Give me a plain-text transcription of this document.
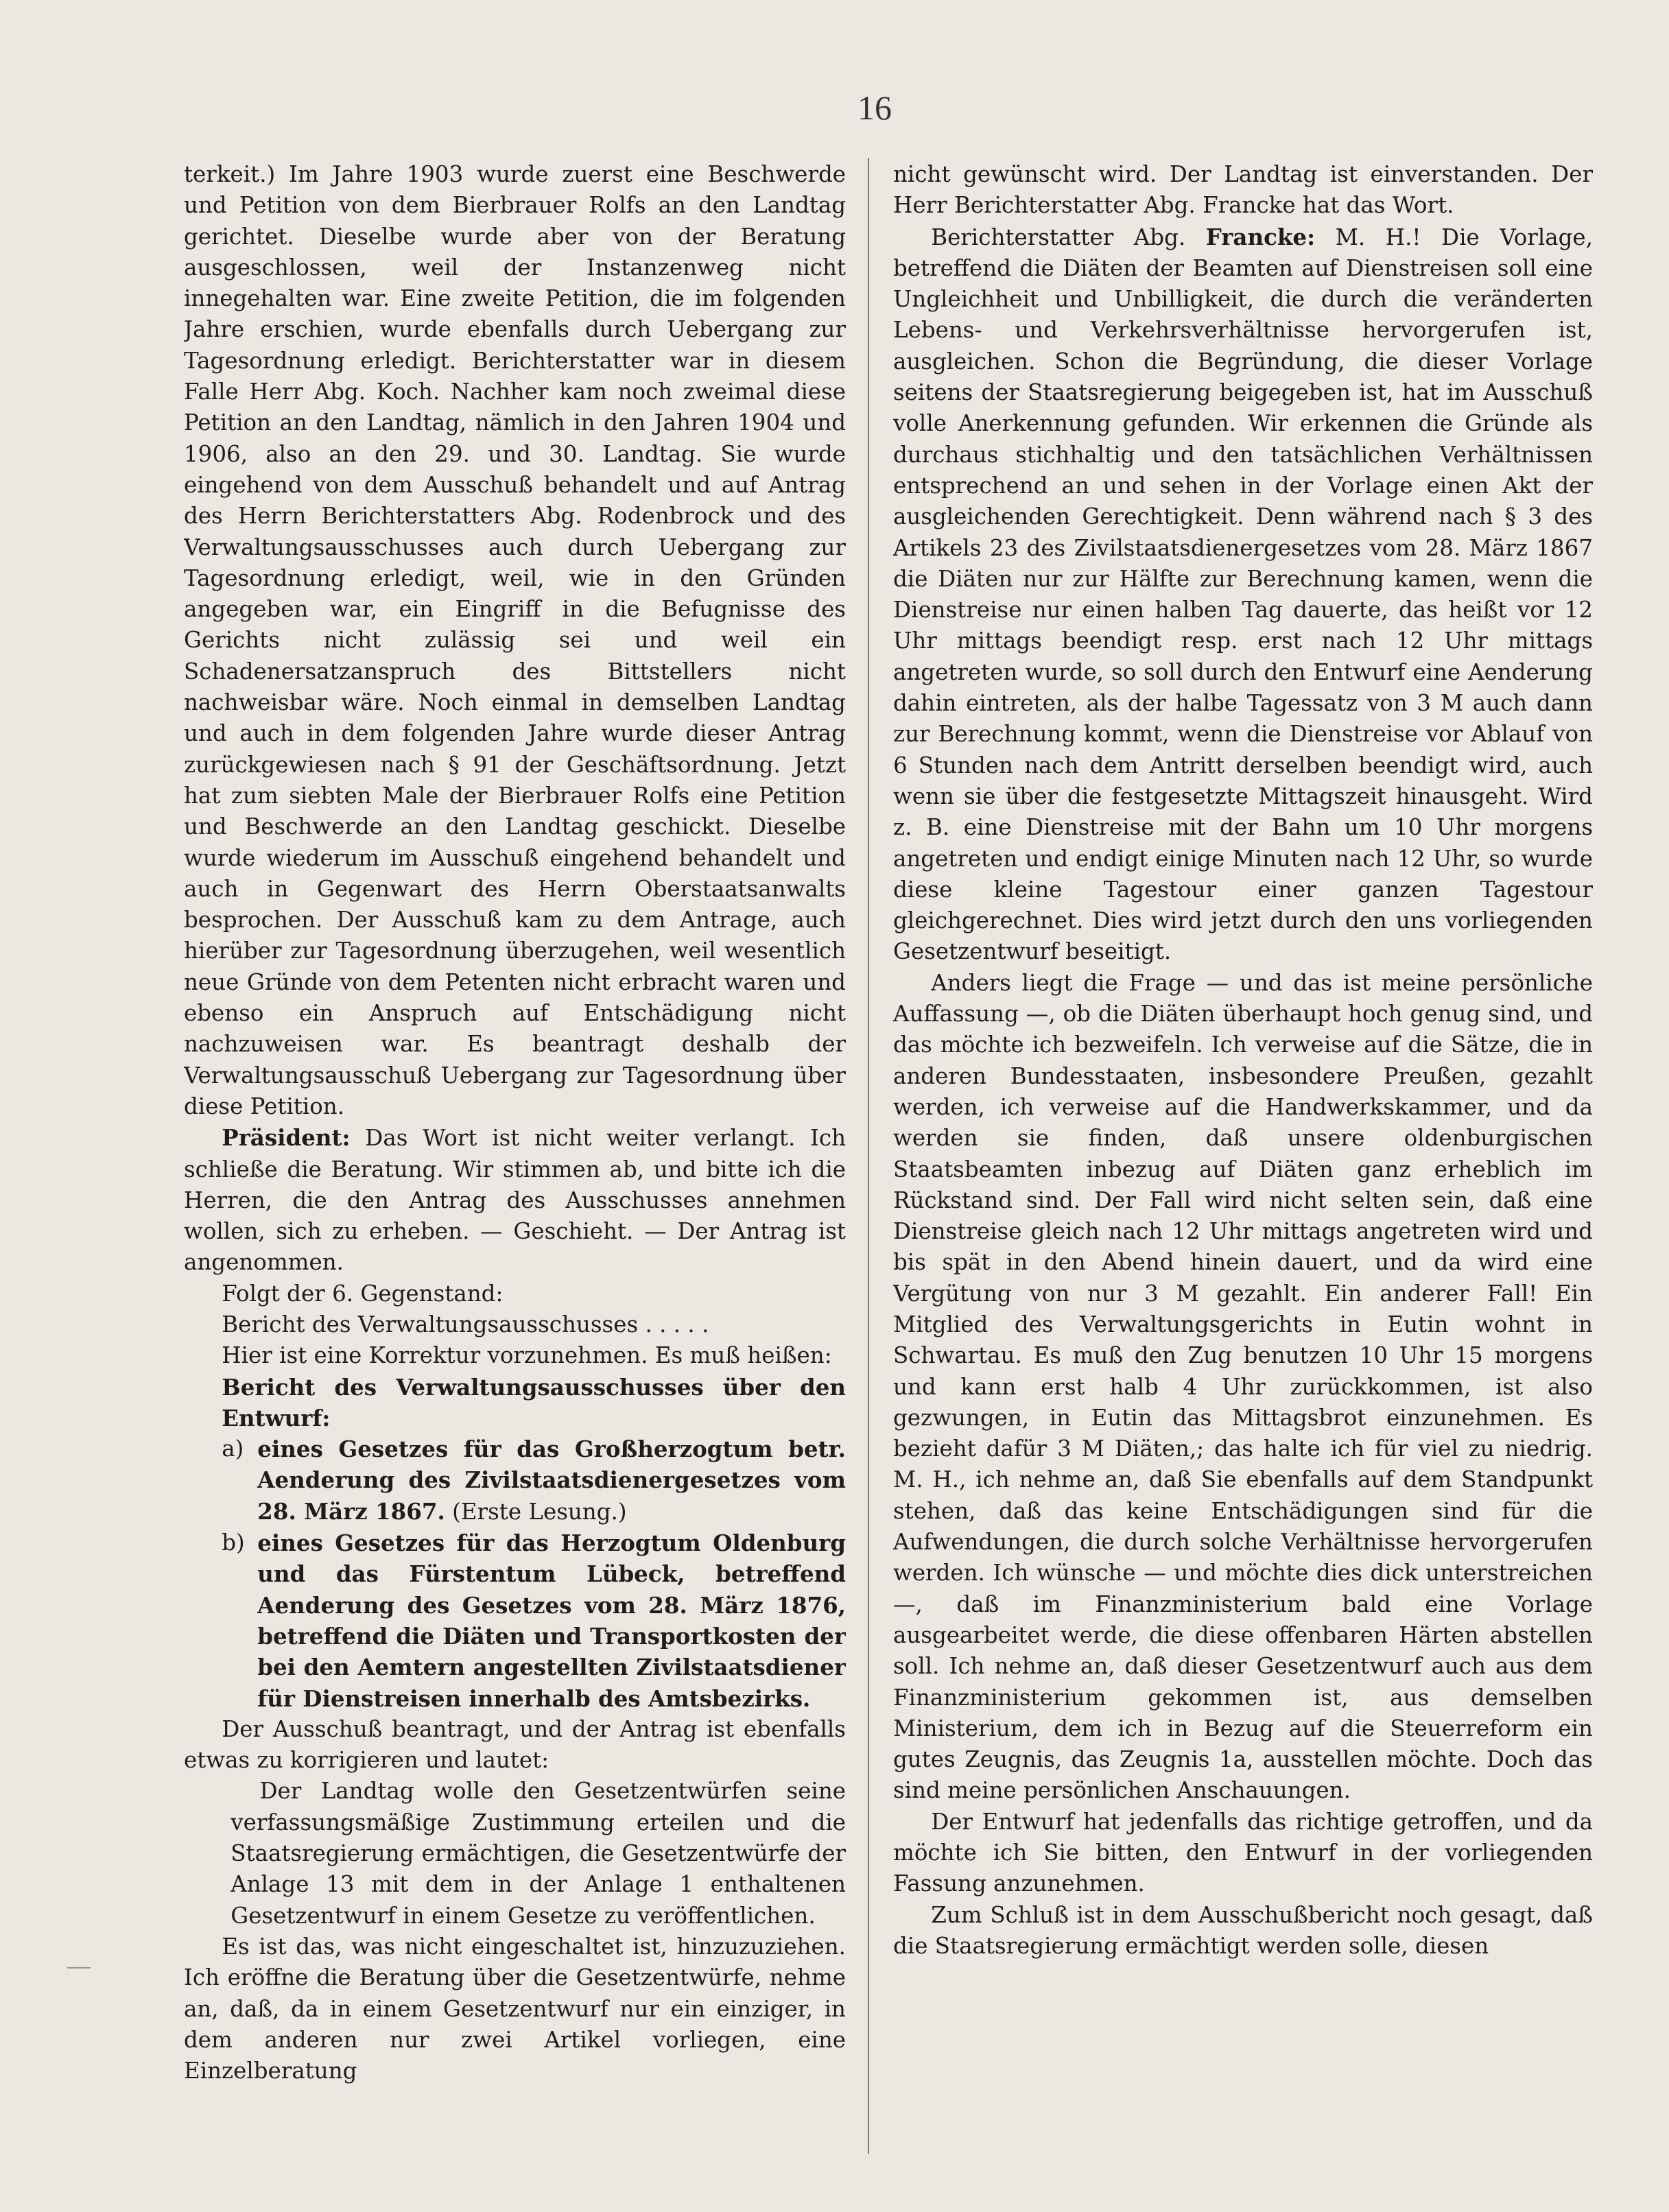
16

terkeit.) Im Jahre 1903 wurde zuerst eine Beschwerde und Petition von dem Bierbrauer Rolfs an den Landtag gerichtet. Dieselbe wurde aber von der Beratung ausgeschlossen, weil der Instanzenweg nicht innegehalten war. Eine zweite Petition, die im folgenden Jahre erschien, wurde ebenfalls durch Uebergang zur Tagesordnung erledigt. Berichterstatter war in diesem Falle Herr Abg. Koch. Nachher kam noch zweimal diese Petition an den Landtag, nämlich in den Jahren 1904 und 1906, also an den 29. und 30. Landtag. Sie wurde eingehend von dem Ausschuß behandelt und auf Antrag des Herrn Berichterstatters Abg. Rodenbrock und des Verwaltungsausschusses auch durch Uebergang zur Tagesordnung erledigt, weil, wie in den Gründen angegeben war, ein Eingriff in die Befugnisse des Gerichts nicht zulässig sei und weil ein Schadenersatzanspruch des Bittstellers nicht nachweisbar wäre. Noch einmal in demselben Landtag und auch in dem folgenden Jahre wurde dieser Antrag zurückgewiesen nach § 91 der Geschäftsordnung. Jetzt hat zum siebten Male der Bierbrauer Rolfs eine Petition und Beschwerde an den Landtag geschickt. Dieselbe wurde wiederum im Ausschuß eingehend behandelt und auch in Gegenwart des Herrn Oberstaatsanwalts besprochen. Der Ausschuß kam zu dem Antrage, auch hierüber zur Tagesordnung überzugehen, weil wesentlich neue Gründe von dem Petenten nicht erbracht waren und ebenso ein Anspruch auf Entschädigung nicht nachzuweisen war. Es beantragt deshalb der Verwaltungsausschuß Uebergang zur Tagesordnung über diese Petition.

Präsident: Das Wort ist nicht weiter verlangt. Ich schließe die Beratung. Wir stimmen ab, und bitte ich die Herren, die den Antrag des Ausschusses annehmen wollen, sich zu erheben. — Geschieht. — Der Antrag ist angenommen.

Folgt der 6. Gegenstand:

Bericht des Verwaltungsausschusses . . . . .

Hier ist eine Korrektur vorzunehmen. Es muß heißen:

Bericht des Verwaltungsausschusses über den Entwurf:

a) eines Gesetzes für das Großherzogtum betr. Aenderung des Zivilstaatsdienergesetzes vom 28. März 1867. (Erste Lesung.)

b) eines Gesetzes für das Herzogtum Oldenburg und das Fürstentum Lübeck, betreffend Aenderung des Gesetzes vom 28. März 1876, betreffend die Diäten und Transportkosten der bei den Aemtern angestellten Zivilstaatsdiener für Dienstreisen innerhalb des Amtsbezirks.

Der Ausschuß beantragt, und der Antrag ist ebenfalls etwas zu korrigieren und lautet:

Der Landtag wolle den Gesetzentwürfen seine verfassungsmäßige Zustimmung erteilen und die Staatsregierung ermächtigen, die Gesetzentwürfe der Anlage 13 mit dem in der Anlage 1 enthaltenen Gesetzentwurf in einem Gesetze zu veröffentlichen.

Es ist das, was nicht eingeschaltet ist, hinzuzuziehen. Ich eröffne die Beratung über die Gesetzentwürfe, nehme an, daß, da in einem Gesetzentwurf nur ein einziger, in dem anderen nur zwei Artikel vorliegen, eine Einzelberatung

nicht gewünscht wird. Der Landtag ist einverstanden. Der Herr Berichterstatter Abg. Francke hat das Wort.

Berichterstatter Abg. Francke: M. H.! Die Vorlage, betreffend die Diäten der Beamten auf Dienstreisen soll eine Ungleichheit und Unbilligkeit, die durch die veränderten Lebens- und Verkehrsverhältnisse hervorgerufen ist, ausgleichen. Schon die Begründung, die dieser Vorlage seitens der Staatsregierung beigegeben ist, hat im Ausschuß volle Anerkennung gefunden. Wir erkennen die Gründe als durchaus stichhaltig und den tatsächlichen Verhältnissen entsprechend an und sehen in der Vorlage einen Akt der ausgleichenden Gerechtigkeit. Denn während nach § 3 des Artikels 23 des Zivilstaatsdienergesetzes vom 28. März 1867 die Diäten nur zur Hälfte zur Berechnung kamen, wenn die Dienstreise nur einen halben Tag dauerte, das heißt vor 12 Uhr mittags beendigt resp. erst nach 12 Uhr mittags angetreten wurde, so soll durch den Entwurf eine Aenderung dahin eintreten, als der halbe Tagessatz von 3 M auch dann zur Berechnung kommt, wenn die Dienstreise vor Ablauf von 6 Stunden nach dem Antritt derselben beendigt wird, auch wenn sie über die festgesetzte Mittagszeit hinausgeht. Wird z. B. eine Dienstreise mit der Bahn um 10 Uhr morgens angetreten und endigt einige Minuten nach 12 Uhr, so wurde diese kleine Tagestour einer ganzen Tagestour gleichgerechnet. Dies wird jetzt durch den uns vorliegenden Gesetzentwurf beseitigt.

Anders liegt die Frage — und das ist meine persönliche Auffassung —, ob die Diäten überhaupt hoch genug sind, und das möchte ich bezweifeln. Ich verweise auf die Sätze, die in anderen Bundesstaaten, insbesondere Preußen, gezahlt werden, ich verweise auf die Handwerkskammer, und da werden sie finden, daß unsere oldenburgischen Staatsbeamten inbezug auf Diäten ganz erheblich im Rückstand sind. Der Fall wird nicht selten sein, daß eine Dienstreise gleich nach 12 Uhr mittags angetreten wird und bis spät in den Abend hinein dauert, und da wird eine Vergütung von nur 3 M gezahlt. Ein anderer Fall! Ein Mitglied des Verwaltungsgerichts in Eutin wohnt in Schwartau. Es muß den Zug benutzen 10 Uhr 15 morgens und kann erst halb 4 Uhr zurückkommen, ist also gezwungen, in Eutin das Mittagsbrot einzunehmen. Es bezieht dafür 3 M Diäten,; das halte ich für viel zu niedrig. M. H., ich nehme an, daß Sie ebenfalls auf dem Standpunkt stehen, daß das keine Entschädigungen sind für die Aufwendungen, die durch solche Verhältnisse hervorgerufen werden. Ich wünsche — und möchte dies dick unterstreichen —, daß im Finanzministerium bald eine Vorlage ausgearbeitet werde, die diese offenbaren Härten abstellen soll. Ich nehme an, daß dieser Gesetzentwurf auch aus dem Finanzministerium gekommen ist, aus demselben Ministerium, dem ich in Bezug auf die Steuerreform ein gutes Zeugnis, das Zeugnis 1a, ausstellen möchte. Doch das sind meine persönlichen Anschauungen.

Der Entwurf hat jedenfalls das richtige getroffen, und da möchte ich Sie bitten, den Entwurf in der vorliegenden Fassung anzunehmen.

Zum Schluß ist in dem Ausschußbericht noch gesagt, daß die Staatsregierung ermächtigt werden solle, diesen
